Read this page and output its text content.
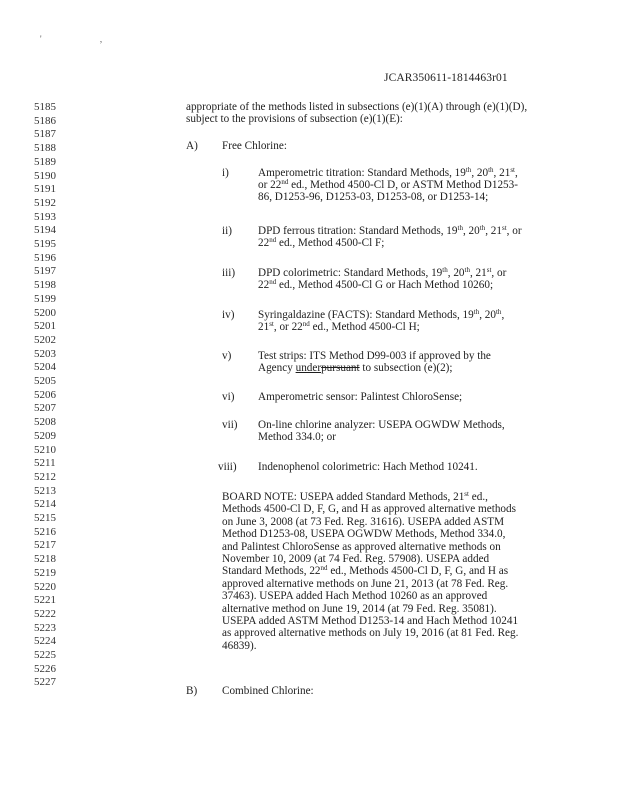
' ,
JCAR350611-1814463r01
5185
5186
5187
5188
5189
5190
5191
5192
5193
5194
5195
5196
5197
5198
5199
5200
5201
5202
5203
5204
5205
5206
5207
5208
5209
5210
5211
5212
5213
5214
5215
5216
5217
5218
5219
5220
5221
5222
5223
5224
5225
5226
5227
appropriate of the methods listed in subsections (e)(1)(A) through (e)(1)(D),
subject to the provisions of subsection (e)(1)(E):
A) Free Chlorine:
i)	Amperometric titration: Standard Methods, 19th, 20th, 21st,
or 22nd ed., Method 4500-Cl D, or ASTM Method D1253-
86, D1253-96, D1253-03, D1253-08, or D1253-14;
ii) DPD ferrous titration: Standard Methods, 19th, 20th, 21st, or
22nd ed., Method 4500-Cl F;
iii) DPD colorimetric: Standard Methods, 19th, 20th, 21st, or
22nd ed., Method 4500-Cl G or Hach Method 10260;
iv) Syringaldazine (FACTS): Standard Methods, 19th, 20th,
21st, or 22nd ed., Method 4500-Cl H;
v) Test strips: ITS Method D99-003 if approved by the
Agency underpursuant to subsection (e)(2);
vi) Amperometric sensor: Palintest ChloroSense;
vii) On-line chlorine analyzer: USEPA OGWDW Methods,
Method 334.0; or
viii) Indenophenol colorimetric: Hach Method 10241.
BOARD NOTE: USEPA added Standard Methods, 21st ed.,
Methods 4500-Cl D, F, G, and H as approved alternative methods
on June 3, 2008 (at 73 Fed. Reg. 31616). USEPA added ASTM
Method D1253-08, USEPA OGWDW Methods, Method 334.0,
and Palintest ChloroSense as approved alternative methods on
November 10, 2009 (at 74 Fed. Reg. 57908). USEPA added
Standard Methods, 22nd ed., Methods 4500-Cl D, F, G, and H as
approved alternative methods on June 21, 2013 (at 78 Fed. Reg.
37463). USEPA added Hach Method 10260 as an approved
alternative method on June 19, 2014 (at 79 Fed. Reg. 35081).
USEPA added ASTM Method D1253-14 and Hach Method 10241
as approved alternative methods on July 19, 2016 (at 81 Fed. Reg.
46839).
B) Combined Chlorine:
